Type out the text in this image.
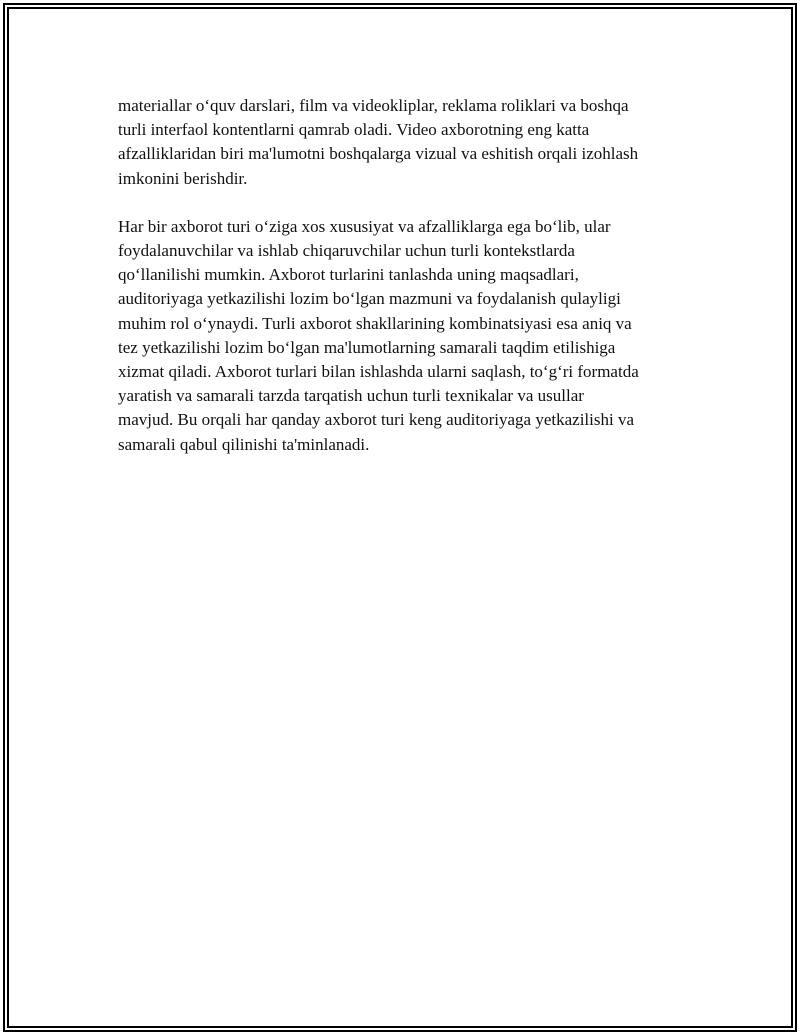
materiallar o‘quv darslari, film va videokliplar, reklama roliklari va boshqa
turli interfaol kontentlarni qamrab oladi. Video axborotning eng katta
afzalliklaridan biri ma'lumotni boshqalarga vizual va eshitish orqali izohlash
imkonini berishdir.

Har bir axborot turi o‘ziga xos xususiyat va afzalliklarga ega bo‘lib, ular
foydalanuvchilar va ishlab chiqaruvchilar uchun turli kontekstlarda
qo‘llanilishi mumkin. Axborot turlarini tanlashda uning maqsadlari,
auditoriyaga yetkazilishi lozim bo‘lgan mazmuni va foydalanish qulayligi
muhim rol o‘ynaydi. Turli axborot shakllarining kombinatsiyasi esa aniq va
tez yetkazilishi lozim bo‘lgan ma'lumotlarning samarali taqdim etilishiga
xizmat qiladi. Axborot turlari bilan ishlashda ularni saqlash, to‘g‘ri formatda
yaratish va samarali tarzda tarqatish uchun turli texnikalar va usullar
mavjud. Bu orqali har qanday axborot turi keng auditoriyaga yetkazilishi va
samarali qabul qilinishi ta'minlanadi.
